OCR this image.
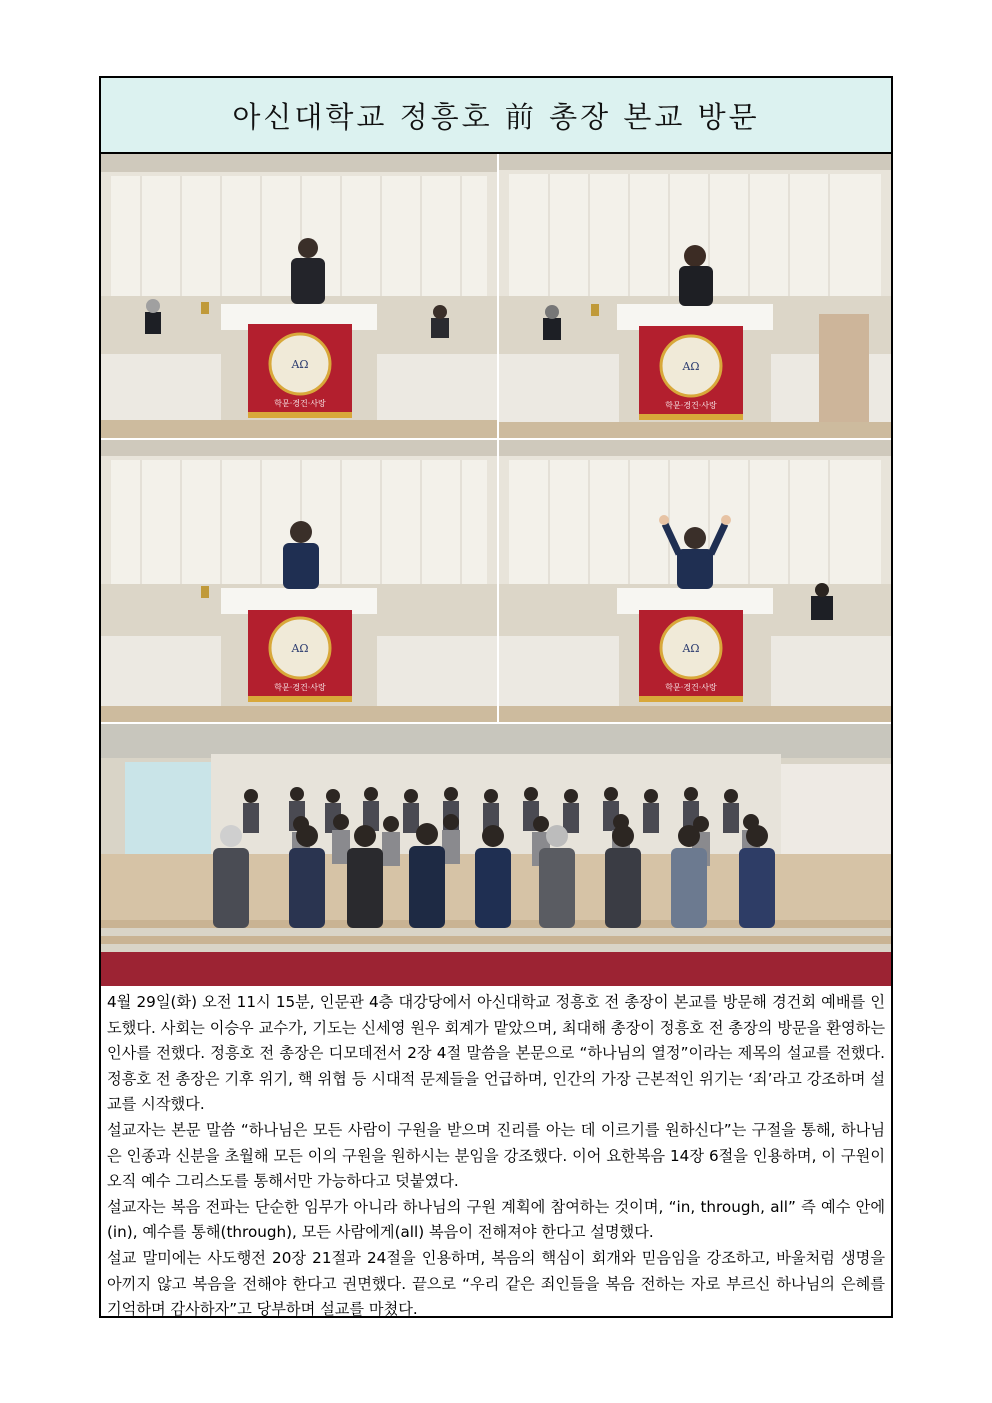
아신대학교 정흥호 前 총장 본교 방문
AΩ
학문·경건·사랑
AΩ
학문·경건·사랑
AΩ
학문·경건·사랑
AΩ
학문·경건·사랑

4월 29일(화) 오전 11시 15분, 인문관 4층 대강당에서 아신대학교 정흥호 전 총장이 본교를 방문해 경건회 예배를 인도했다. 사회는 이승우 교수가, 기도는 신세영 원우 회계가 맡았으며, 최대해 총장이 정흥호 전 총장의 방문을 환영하는 인사를 전했다. 정흥호 전 총장은 디모데전서 2장 4절 말씀을 본문으로 “하나님의 열정”이라는 제목의 설교를 전했다. 정흥호 전 총장은 기후 위기, 핵 위협 등 시대적 문제들을 언급하며, 인간의 가장 근본적인 위기는 ‘죄’라고 강조하며 설교를 시작했다.

설교자는 본문 말씀 “하나님은 모든 사람이 구원을 받으며 진리를 아는 데 이르기를 원하신다”는 구절을 통해, 하나님은 인종과 신분을 초월해 모든 이의 구원을 원하시는 분임을 강조했다. 이어 요한복음 14장 6절을 인용하며, 이 구원이 오직 예수 그리스도를 통해서만 가능하다고 덧붙였다.

설교자는 복음 전파는 단순한 임무가 아니라 하나님의 구원 계획에 참여하는 것이며, “in, through, all” 즉 예수 안에(in), 예수를 통해(through), 모든 사람에게(all) 복음이 전해져야 한다고 설명했다.

설교 말미에는 사도행전 20장 21절과 24절을 인용하며, 복음의 핵심이 회개와 믿음임을 강조하고, 바울처럼 생명을 아끼지 않고 복음을 전해야 한다고 권면했다. 끝으로 “우리 같은 죄인들을 복음 전하는 자로 부르신 하나님의 은혜를 기억하며 감사하자”고 당부하며 설교를 마쳤다.
